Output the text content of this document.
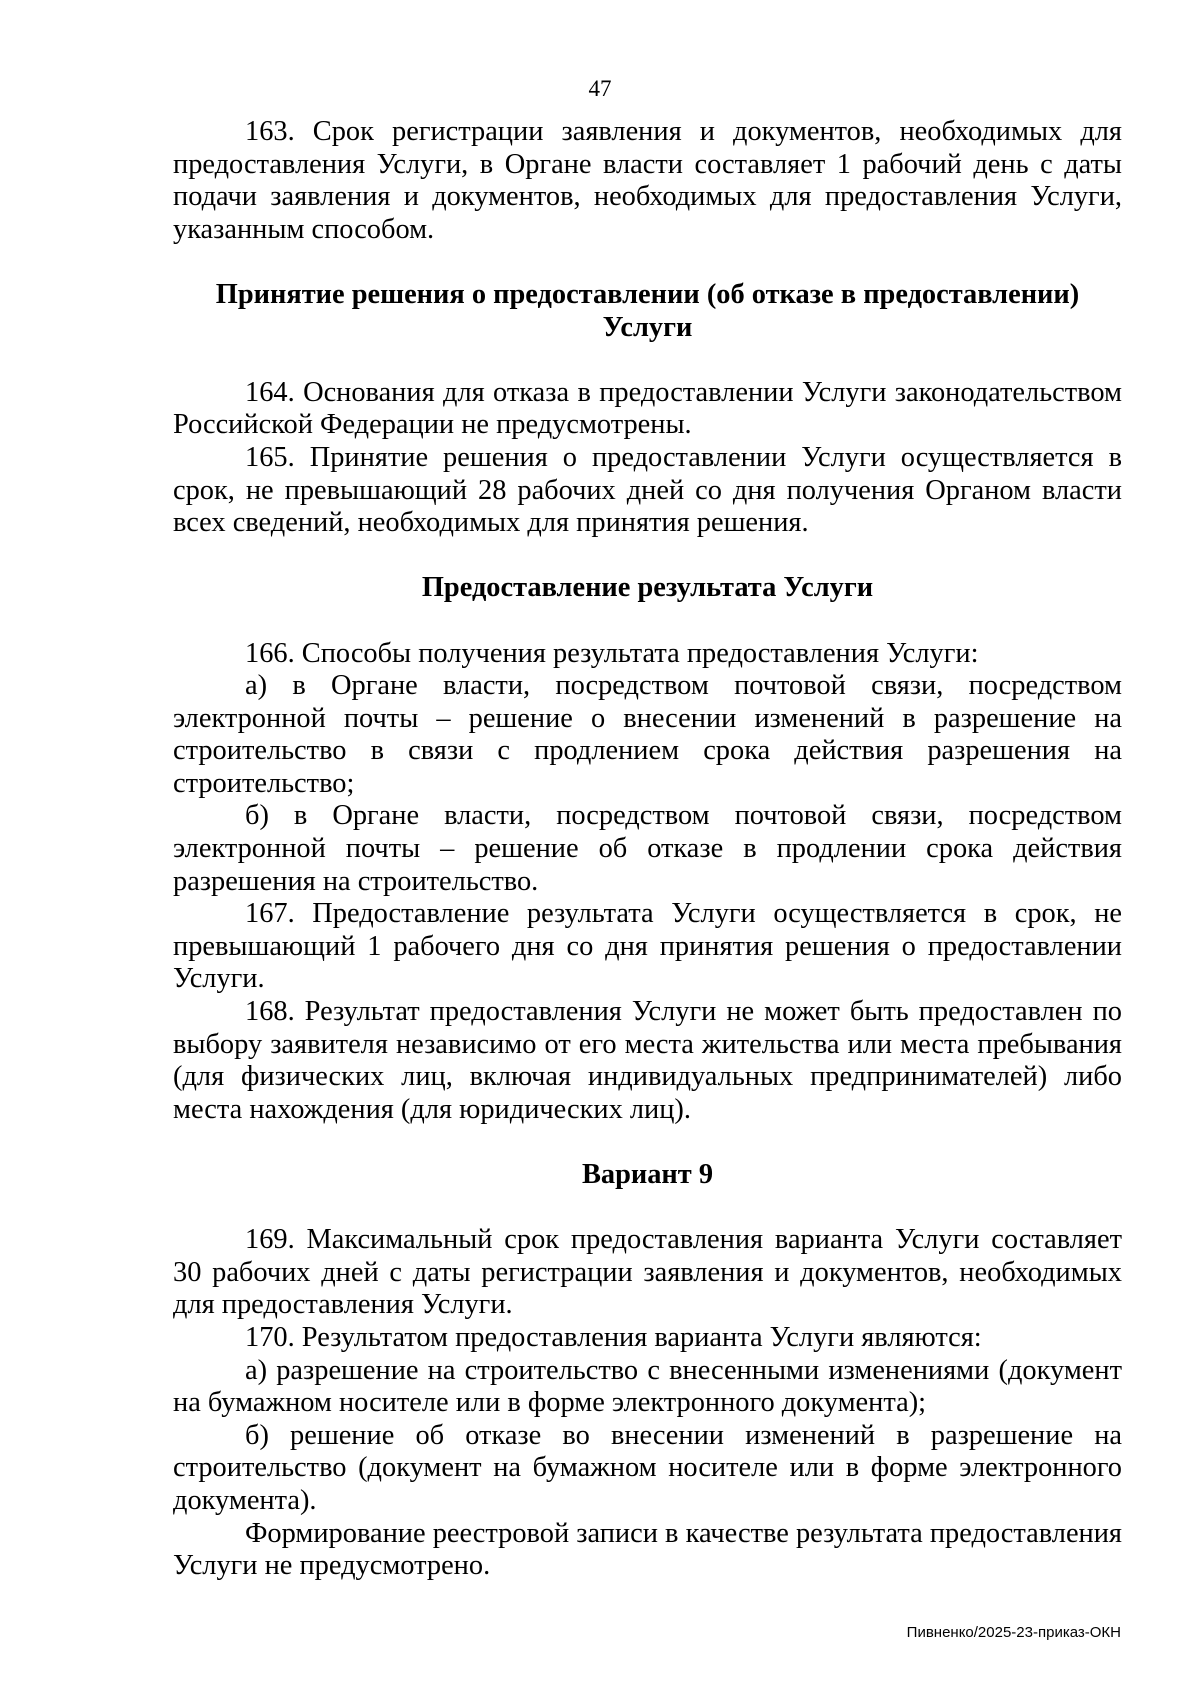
47

163. Срок регистрации заявления и документов, необходимых для предоставления Услуги, в Органе власти составляет 1 рабочий день с даты подачи заявления и документов, необходимых для предоставления Услуги, указанным способом.

Принятие решения о предоставлении (об отказе в предоставлении) Услуги

164. Основания для отказа в предоставлении Услуги законодательством Российской Федерации не предусмотрены.

165. Принятие решения о предоставлении Услуги осуществляется в срок, не превышающий 28 рабочих дней со дня получения Органом власти всех сведений, необходимых для принятия решения.

Предоставление результата Услуги

166. Способы получения результата предоставления Услуги:

а) в Органе власти, посредством почтовой связи, посредством электронной почты – решение о внесении изменений в разрешение на строительство в связи с продлением срока действия разрешения на строительство;

б) в Органе власти, посредством почтовой связи, посредством электронной почты – решение об отказе в продлении срока действия разрешения на строительство.

167. Предоставление результата Услуги осуществляется в срок, не превышающий 1 рабочего дня со дня принятия решения о предоставлении Услуги.

168. Результат предоставления Услуги не может быть предоставлен по выбору заявителя независимо от его места жительства или места пребывания (для физических лиц, включая индивидуальных предпринимателей) либо места нахождения (для юридических лиц).

Вариант 9

169. Максимальный срок предоставления варианта Услуги составляет 30 рабочих дней с даты регистрации заявления и документов, необходимых для предоставления Услуги.

170. Результатом предоставления варианта Услуги являются:

а) разрешение на строительство с внесенными изменениями (документ на бумажном носителе или в форме электронного документа);

б) решение об отказе во внесении изменений в разрешение на строительство (документ на бумажном носителе или в форме электронного документа).

Формирование реестровой записи в качестве результата предоставления Услуги не предусмотрено.

Пивненко/2025-23-приказ-ОКН
